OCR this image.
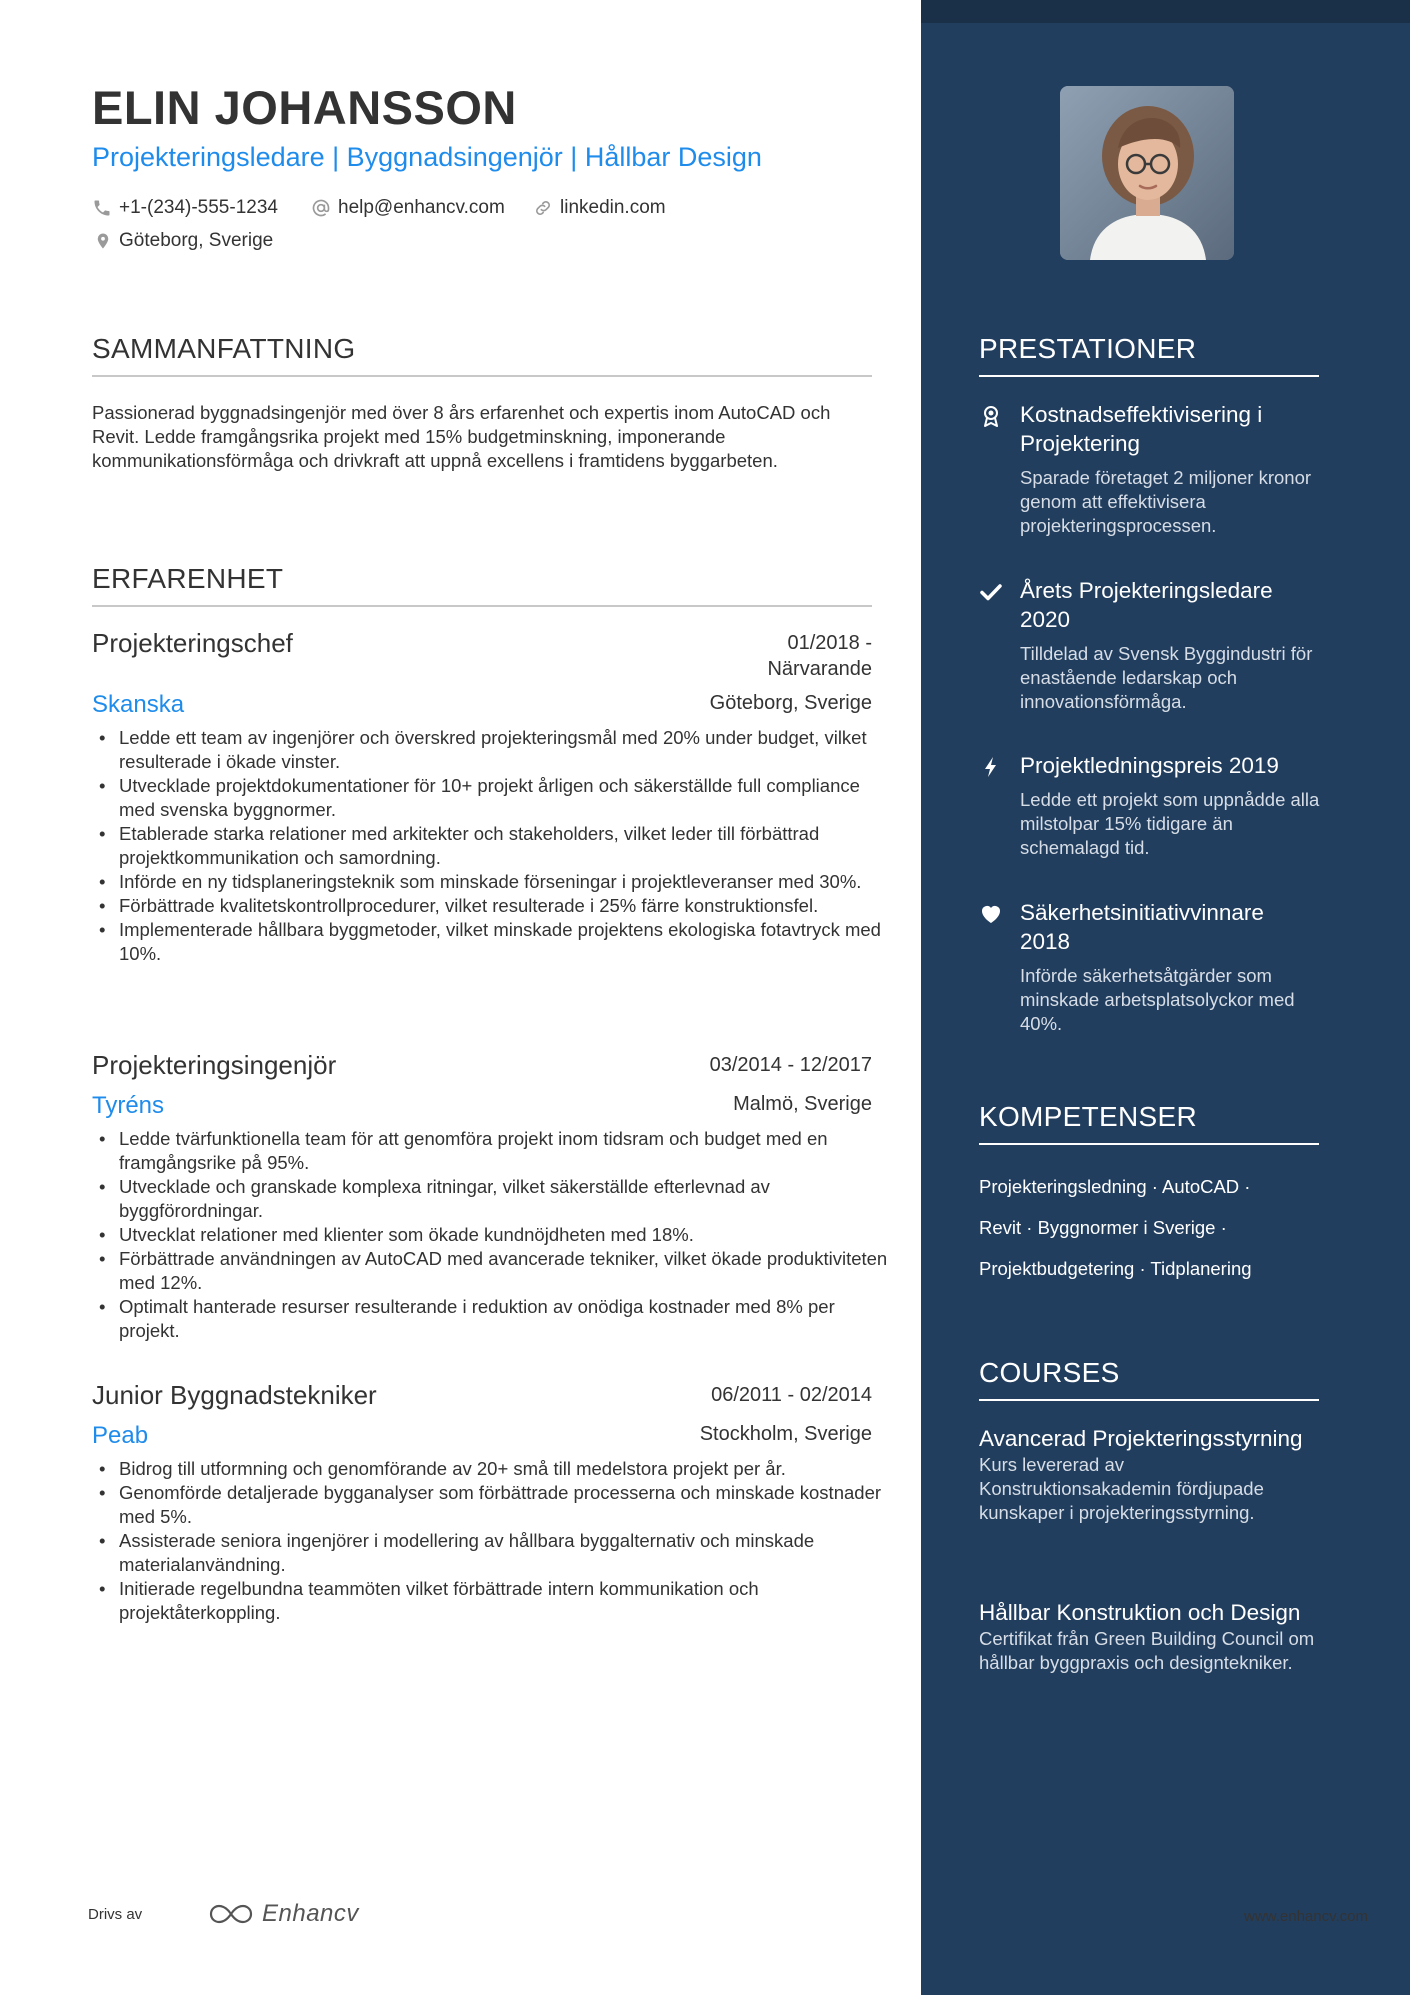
ELIN JOHANSSON
Projekteringsledare | Byggnadsingenjör | Hållbar Design
+1-(234)-555-1234	help@enhancv.com	linkedin.com
Göteborg, Sverige
SAMMANFATTNING

Passionerad byggnadsingenjör med över 8 års erfarenhet och expertis inom AutoCAD och Revit. Ledde framgångsrika projekt med 15% budgetminskning, imponerande kommunikationsförmåga och drivkraft att uppnå excellens i framtidens byggarbeten.

ERFARENHET
Projekteringschef	01/2018 - Närvarande
Skanska	Göteborg, Sverige
• Ledde ett team av ingenjörer och överskred projekteringsmål med 20% under budget, vilket resulterade i ökade vinster.
• Utvecklade projektdokumentationer för 10+ projekt årligen och säkerställde full compliance med svenska byggnormer.
• Etablerade starka relationer med arkitekter och stakeholders, vilket leder till förbättrad projektkommunikation och samordning.
• Införde en ny tidsplaneringsteknik som minskade förseningar i projektleveranser med 30%.
• Förbättrade kvalitetskontrollprocedurer, vilket resulterade i 25% färre konstruktionsfel.
• Implementerade hållbara byggmetoder, vilket minskade projektens ekologiska fotavtryck med 10%.
Projekteringsingenjör	03/2014 - 12/2017
Tyréns	Malmö, Sverige
• Ledde tvärfunktionella team för att genomföra projekt inom tidsram och budget med en framgångsrike på 95%.
• Utvecklade och granskade komplexa ritningar, vilket säkerställde efterlevnad av byggförordningar.
• Utvecklat relationer med klienter som ökade kundnöjdheten med 18%.
• Förbättrade användningen av AutoCAD med avancerade tekniker, vilket ökade produktiviteten med 12%.
• Optimalt hanterade resurser resulterande i reduktion av onödiga kostnader med 8% per projekt.
Junior Byggnadstekniker	06/2011 - 02/2014
Peab	Stockholm, Sverige
• Bidrog till utformning och genomförande av 20+ små till medelstora projekt per år.
• Genomförde detaljerade bygganalyser som förbättrade processerna och minskade kostnader med 5%.
• Assisterade seniora ingenjörer i modellering av hållbara byggalternativ och minskade materialanvändning.
• Initierade regelbundna teammöten vilket förbättrade intern kommunikation och projektåterkoppling.
Drivs av	Enhancv	www.enhancv.com
PRESTATIONER
Kostnadseffektivisering i Projektering
Sparade företaget 2 miljoner kronor genom att effektivisera projekteringsprocessen.
Årets Projekteringsledare 2020
Tilldelad av Svensk Byggindustri för enastående ledarskap och innovationsförmåga.
Projektledningspreis 2019
Ledde ett projekt som uppnådde alla milstolpar 15% tidigare än schemalagd tid.
Säkerhetsinitiativvinnare 2018
Införde säkerhetsåtgärder som minskade arbetsplatsolyckor med 40%.
KOMPETENSER
Projekteringsledning · AutoCAD ·
Revit · Byggnormer i Sverige ·
Projektbudgetering · Tidplanering
COURSES
Avancerad Projekteringsstyrning
Kurs levererad av Konstruktionsakademin fördjupade kunskaper i projekteringsstyrning.
Hållbar Konstruktion och Design
Certifikat från Green Building Council om hållbar byggpraxis och designtekniker.
